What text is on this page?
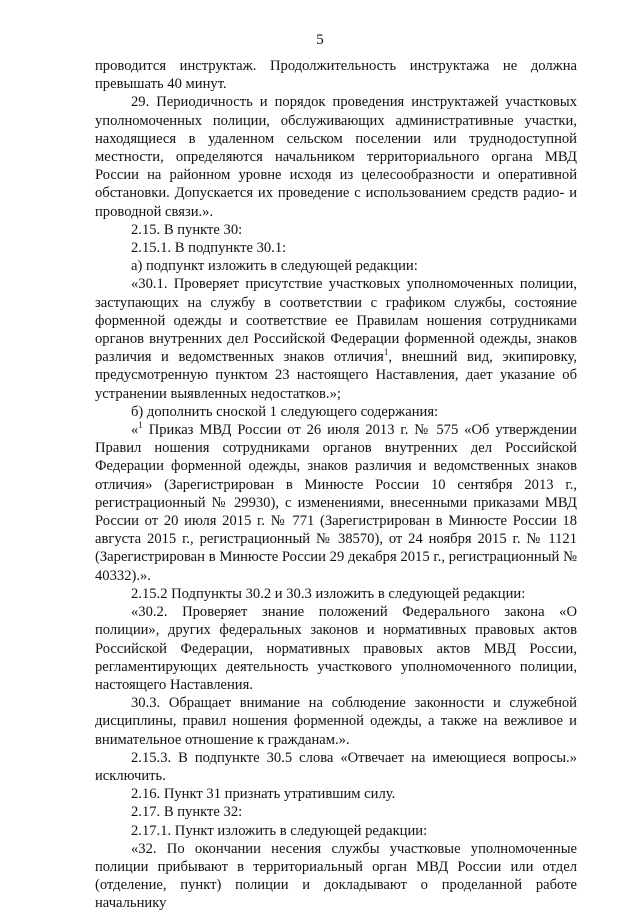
5

проводится инструктаж. Продолжительность инструктажа не должна превышать 40 минут.

29. Периодичность и порядок проведения инструктажей участковых уполномоченных полиции, обслуживающих административные участки, находящиеся в удаленном сельском поселении или труднодоступной местности, определяются начальником территориального органа МВД России на районном уровне исходя из целесообразности и оперативной обстановки. Допускается их проведение с использованием средств радио- и проводной связи.».

2.15. В пункте 30:

2.15.1. В подпункте 30.1:

а) подпункт изложить в следующей редакции:

«30.1. Проверяет присутствие участковых уполномоченных полиции, заступающих на службу в соответствии с графиком службы, состояние форменной одежды и соответствие ее Правилам ношения сотрудниками органов внутренних дел Российской Федерации форменной одежды, знаков различия и ведомственных знаков отличия$^1$, внешний вид, экипировку, предусмотренную пунктом 23 настоящего Наставления, дает указание об устранении выявленных недостатков.»;

б) дополнить сноской 1 следующего содержания:

«$^1$ Приказ МВД России от 26 июля 2013 г. № 575 «Об утверждении Правил ношения сотрудниками органов внутренних дел Российской Федерации форменной одежды, знаков различия и ведомственных знаков отличия» (Зарегистрирован в Минюсте России 10 сентября 2013 г., регистрационный № 29930), с изменениями, внесенными приказами МВД России от 20 июля 2015 г. № 771 (Зарегистрирован в Минюсте России 18 августа 2015 г., регистрационный № 38570), от 24 ноября 2015 г. № 1121 (Зарегистрирован в Минюсте России 29 декабря 2015 г., регистрационный № 40332).».

2.15.2 Подпункты 30.2 и 30.3 изложить в следующей редакции:

«30.2. Проверяет знание положений Федерального закона «О полиции», других федеральных законов и нормативных правовых актов Российской Федерации, нормативных правовых актов МВД России, регламентирующих деятельность участкового уполномоченного полиции, настоящего Наставления.

30.3. Обращает внимание на соблюдение законности и служебной дисциплины, правил ношения форменной одежды, а также на вежливое и внимательное отношение к гражданам.».

2.15.3. В подпункте 30.5 слова «Отвечает на имеющиеся вопросы.» исключить.

2.16. Пункт 31 признать утратившим силу.

2.17. В пункте 32:

2.17.1. Пункт изложить в следующей редакции:

«32. По окончании несения службы участковые уполномоченные полиции прибывают в территориальный орган МВД России или отдел (отделение, пункт) полиции и докладывают о проделанной работе начальнику
